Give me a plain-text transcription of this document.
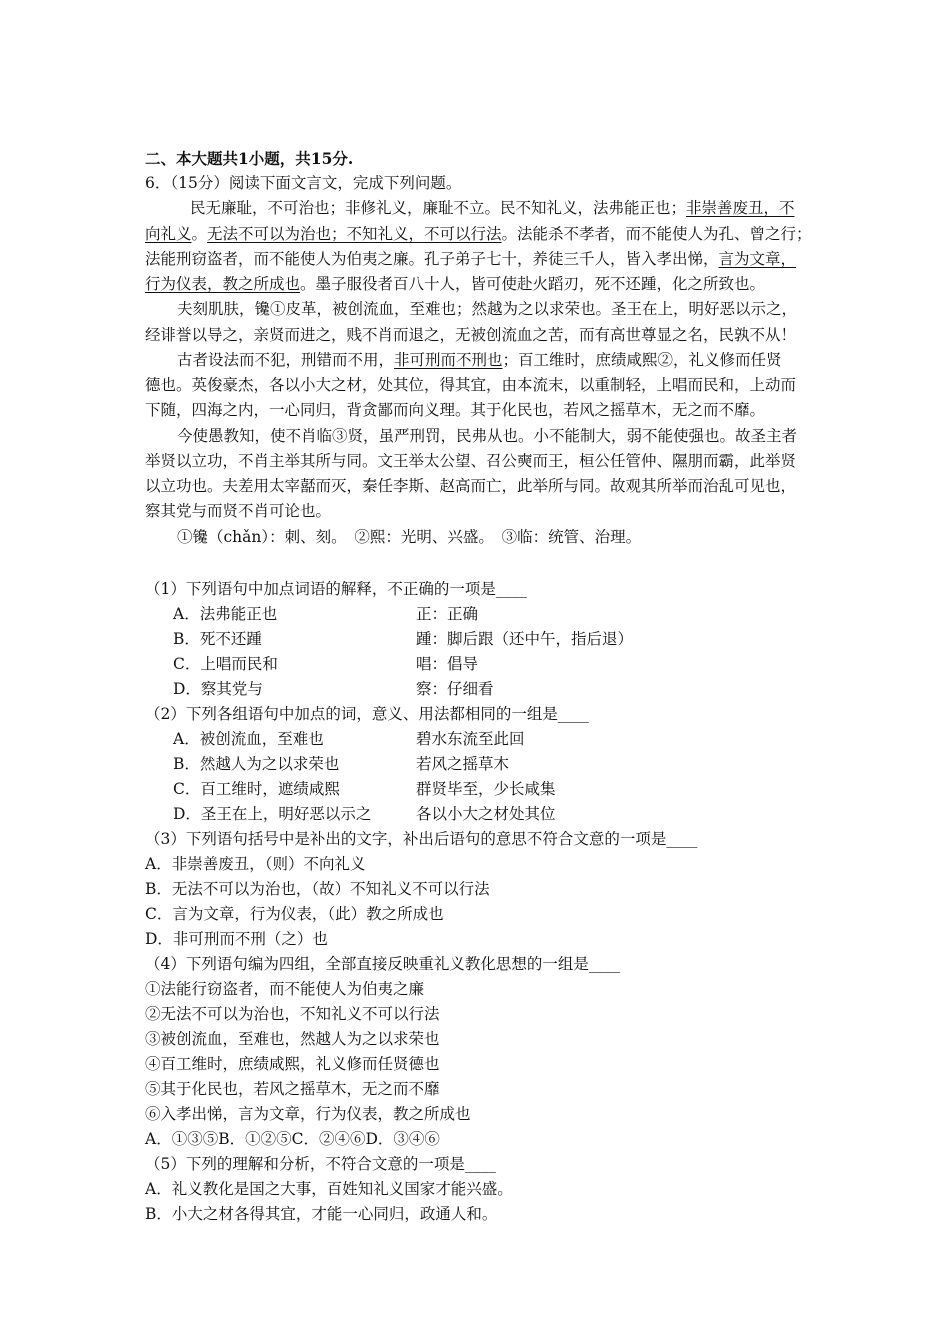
二、本大题共1小题，共15分.
6．（15分）阅读下面文言文，完成下列问题。
民无廉耻，不可治也；非修礼义，廉耻不立。民不知礼义，法弗能正也；非崇善废丑，不
向礼义。无法不可以为治也；不知礼义，不可以行法。法能杀不孝者，而不能使人为孔、曾之行；
法能刑窃盗者，而不能使人为伯夷之廉。孔子弟子七十，养徒三千人，皆入孝出悌，言为文章，
行为仪表，教之所成也。墨子服役者百八十人，皆可使赴火蹈刃，死不还踵，化之所致也。
夫刻肌肤，镵①皮革，被创流血，至难也；然越为之以求荣也。圣王在上，明好恶以示之，
经诽誉以导之，亲贤而进之，贱不肖而退之，无被创流血之苦，而有高世尊显之名，民孰不从！
古者设法而不犯，刑错而不用，非可刑而不刑也；百工维时，庶绩咸熙②，礼义修而任贤
德也。英俊豪杰，各以小大之材，处其位，得其宜，由本流末，以重制轻，上唱而民和，上动而
下随，四海之内，一心同归，背贪鄙而向义理。其于化民也，若风之摇草木，无之而不靡。
今使愚教知，使不肖临③贤，虽严刑罚，民弗从也。小不能制大，弱不能使强也。故圣主者
举贤以立功，不肖主举其所与同。文王举太公望、召公奭而王，桓公任管仲、隰朋而霸，此举贤
以立功也。夫差用太宰嚭而灭，秦任李斯、赵高而亡，此举所与同。故观其所举而治乱可见也，
察其党与而贤不肖可论也。
①镵（chǎn）：刺、刻。　②熙：光明、兴盛。　③临：统管、治理。
（1）下列语句中加点词语的解释，不正确的一项是____
A．法弗能正也	正：正确
B．死不还踵	踵：脚后跟（还中午，指后退）
C．上唱而民和	唱：倡导
D．察其党与	察：仔细看
（2）下列各组语句中加点的词，意义、用法都相同的一组是____
A．被创流血，至难也	碧水东流至此回
B．然越人为之以求荣也	若风之摇草木
C．百工维时，遮绩咸熙	群贤毕至，少长咸集
D．圣王在上，明好恶以示之	各以小大之材处其位
（3）下列语句括号中是补出的文字，补出后语句的意思不符合文意的一项是____
A．非崇善废丑，（则）不向礼义
B．无法不可以为治也，（故）不知礼义不可以行法
C．言为文章，行为仪表，（此）教之所成也
D．非可刑而不刑（之）也
（4）下列语句编为四组，全部直接反映重礼义教化思想的一组是____
①法能行窃盗者，而不能使人为伯夷之廉
②无法不可以为治也，不知礼义不可以行法
③被创流血，至难也，然越人为之以求荣也
④百工维时，庶绩咸熙，礼义修而任贤德也
⑤其于化民也，若风之摇草木，无之而不靡
⑥入孝出悌，言为文章，行为仪表，教之所成也
A．①③⑤B．①②⑤C．②④⑥D．③④⑥
（5）下列的理解和分析，不符合文意的一项是____
A．礼义教化是国之大事，百姓知礼义国家才能兴盛。
B．小大之材各得其宜，才能一心同归，政通人和。
